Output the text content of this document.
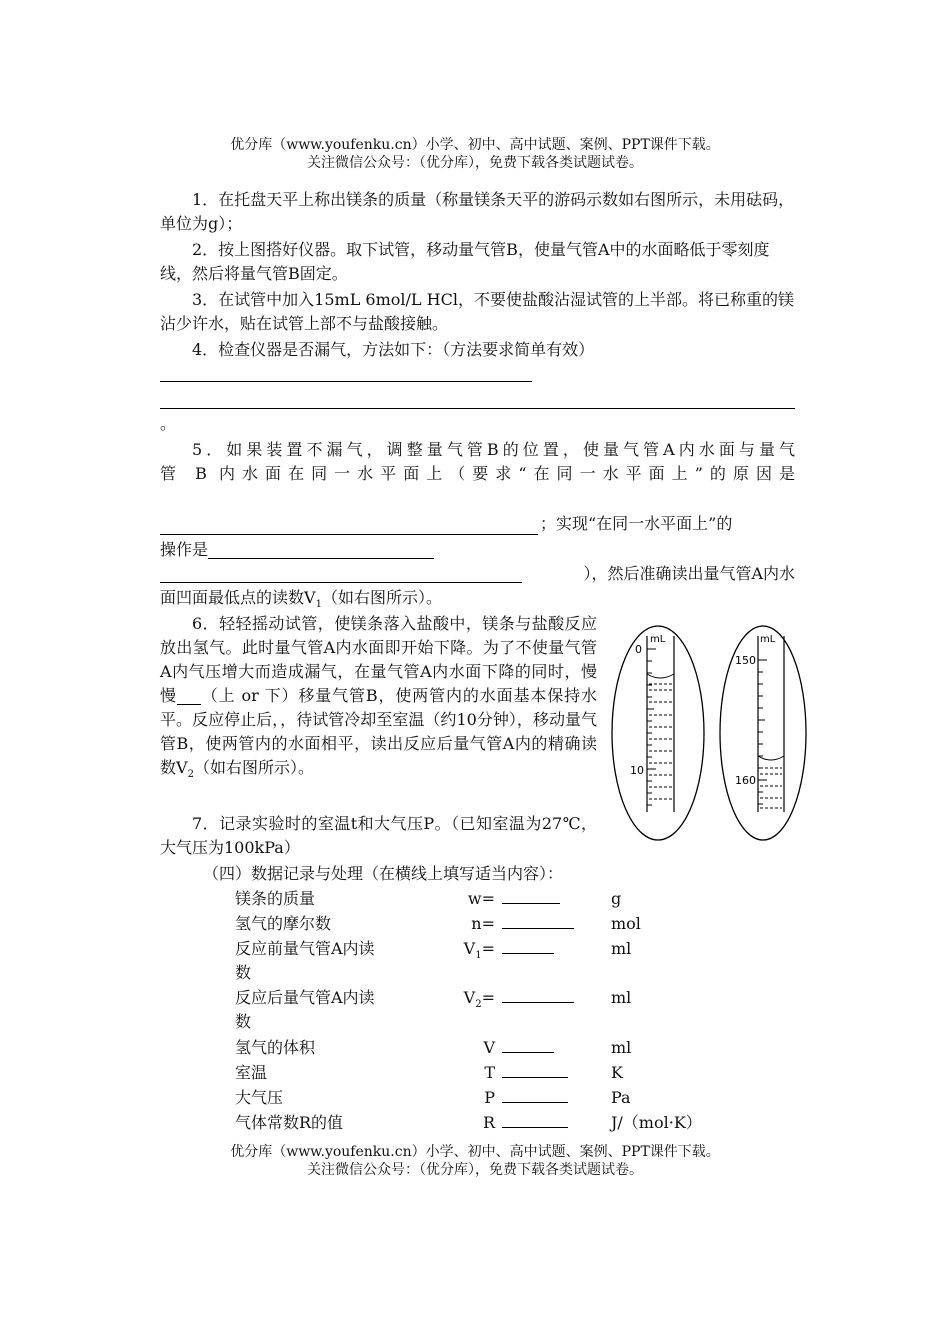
优分库（www.youfenku.cn）小学、初中、高中试题、案例、PPT课件下载。
关注微信公众号：（优分库），免费下载各类试题试卷。
1．在托盘天平上称出镁条的质量（称量镁条天平的游码示数如右图所示，未用砝码，单位为g）；
2．按上图搭好仪器。取下试管，移动量气管B，使量气管A中的水面略低于零刻度线，然后将量气管B固定。
3．在试管中加入15mL 6mol/L HCl，不要使盐酸沾湿试管的上半部。将已称重的镁沾少许水，贴在试管上部不与盐酸接触。
4．检查仪器是否漏气，方法如下：（方法要求简单有效）
。
5．如果装置不漏气，调整量气管B的位置，使量气管A内水面与量气
管 B 内水面在同一水平面上（要求“在同一水平面上”的原因是
；实现“在同一水平面上”的
操作是
），然后准确读出量气管A内水
面凹面最低点的读数$V_1$（如右图所示）。
6．轻轻摇动试管，使镁条落入盐酸中，镁条与盐酸反应放出氢气。此时量气管A内水面即开始下降。为了不使量气管A内气压增大而造成漏气，在量气管A内水面下降的同时，慢慢 （上 or 下）移量气管B，使两管内的水面基本保持水平。反应停止后，，待试管冷却至室温（约10分钟），移动量气管B，使两管内的水面相平，读出反应后量气管A内的精确读数$V_2$（如右图所示）。
7．记录实验时的室温t和大气压P。（已知室温为27℃，大气压为100kPa）
mL
0
10
mL
150
160
（四）数据记录与处理（在横线上填写适当内容）：
镁条的质量	w=	g
氢气的摩尔数	n=	mol
反应前量气管A内读	$V_1=$	ml
数
反应后量气管A内读	$V_2=$	ml
数
氢气的体积	V	ml
室温	T	K
大气压	P	Pa
气体常数R的值	R	J/（mol·K）
优分库（www.youfenku.cn）小学、初中、高中试题、案例、PPT课件下载。
关注微信公众号：（优分库），免费下载各类试题试卷。
